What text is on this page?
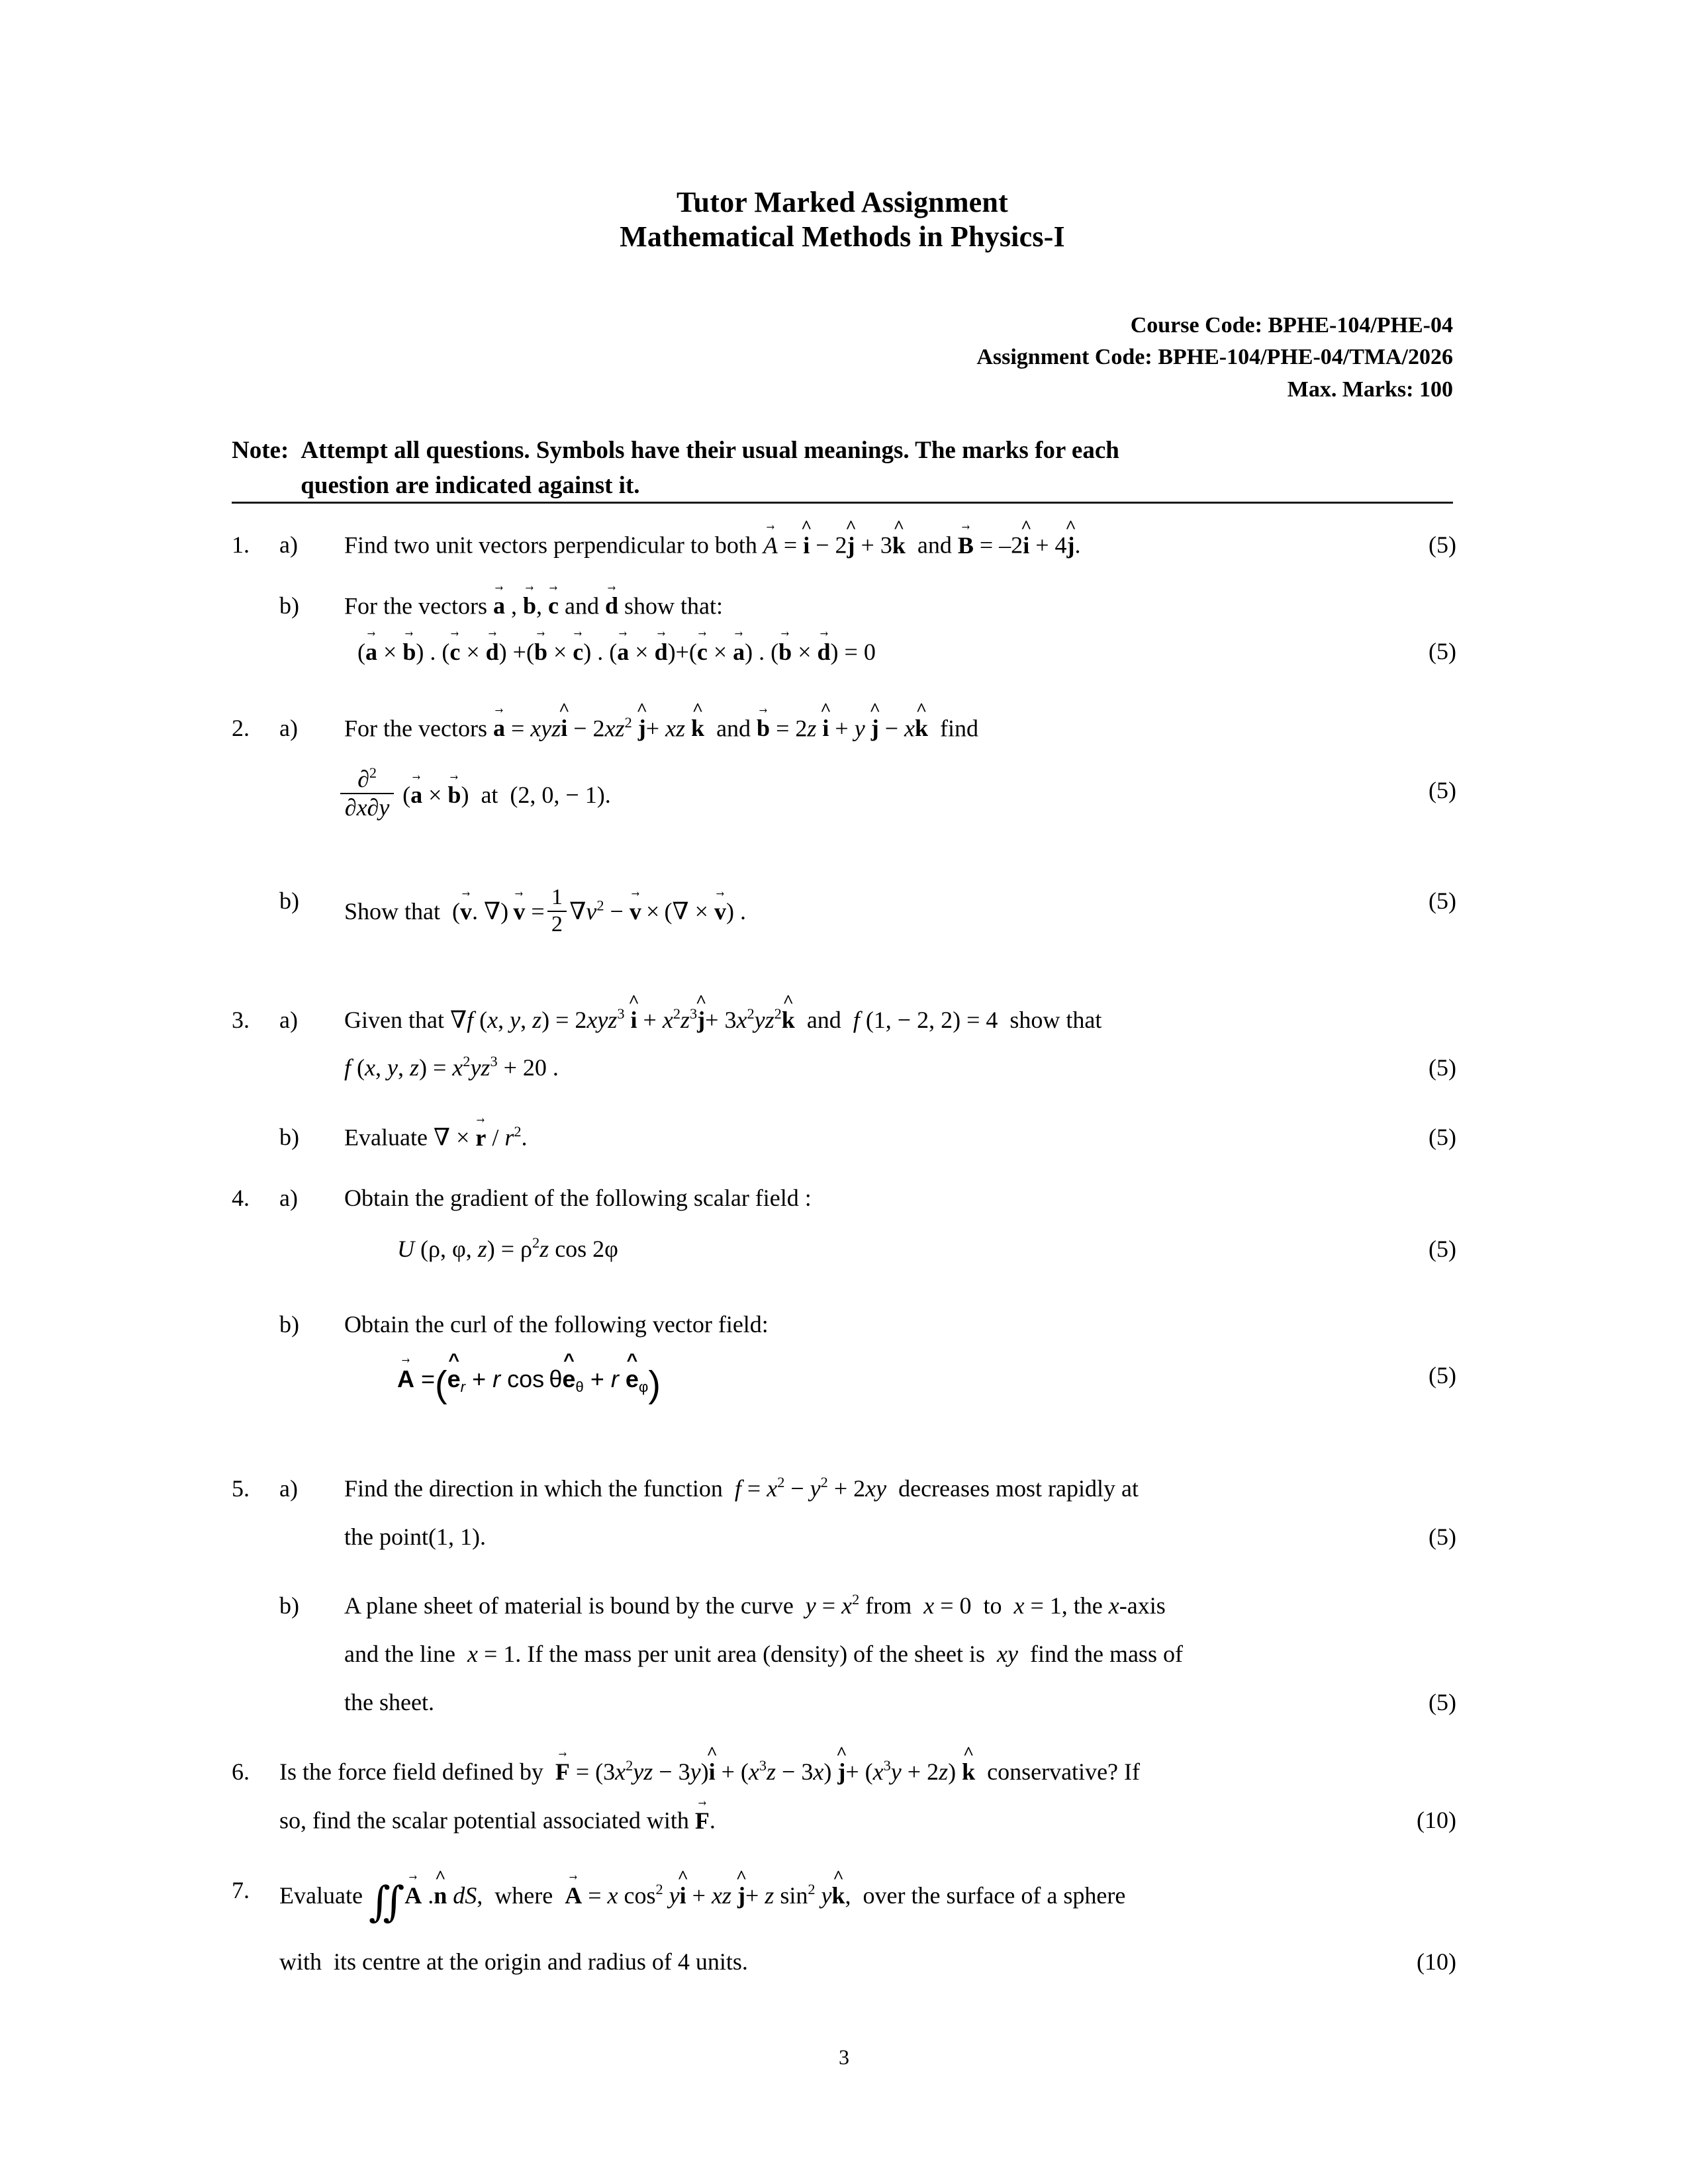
Tutor Marked Assignment
Mathematical Methods in Physics-I
Course Code: BPHE-104/PHE-04
Assignment Code: BPHE-104/PHE-04/TMA/2026
Max. Marks: 100
Note: Attempt all questions. Symbols have their usual meanings. The marks for each
question are indicated against it.
1.	a)	Find two unit vectors perpendicular to both A → = i ^ − 2j ^ + 3k ^  and B → = –2i ^ + 4j ^.	(5)
b)	For the vectors a → , b →, c → and d → show that:
(a → × b →) . (c → × d →) +(b → × c →) . (a → × d →)+(c → × a →) . (b → × d →) = 0	(5)
2.	a)	For the vectors a → = xyzi ^ − $2xz^2$ j ^+ xz k ^  and b → = 2z i ^ + y j ^ − xk ^  find
$\frac{\partial^2}{\partial x\partial y} (a$ → × b →)  at  (2, 0, − 1).	(5)
b)	Show that  (v →. ∇) v → = $\frac{1}{2} \nabla v^2 - v$ → × (∇ × v →) .	(5)
3.	a)	Given that ∇f (x, y, z) = 2xyz$^3$ i ^ + $x^2z^3j$ ^+ $3x^2yz^2k$ ^  and  f (1, − 2, 2) = 4  show that
f (x, y, $z) = x^2yz^3 + 20$ .	(5)
b)	Evaluate ∇ × r → / $r^2$.	(5)
4.	a)	Obtain the gradient of the following scalar field :
U (ρ, φ, $z) = \rho^2z$ cos 2φ	(5)
b)	Obtain the curl of the following vector field:
A → =(e $\^{}_r + r$ cos θe $\^{}_\theta + r$ e $\^{}_\varphi$)	(5)
5.	a)	Find the direction in which the function  $f = x^2 - y^2 + 2xy$  decreases most rapidly at
the point(1, 1).	(5)
b)	A plane sheet of material is bound by the curve  $y = x^2$ from  x = 0  to  x = 1, the x-axis
and the line  x = 1. If the mass per unit area (density) of the sheet is  xy  find the mass of
the sheet.	(5)
6.	Is the force field defined by  F → = $(3x^2yz - 3y)i$ ^ + $(x^3z - 3x)$ j ^+ $(x^3y + 2z)$ k ^  conservative? If
so, find the scalar potential associated with F →.	(10)
7.	Evaluate ∫∫ A → .n ^ dS,  where  A → = x $\cos^2$ yi ^ + xz j ^+ z $\sin^2$ yk ^,  over the surface of a sphere
with  its centre at the origin and radius of 4 units.	(10)
3
